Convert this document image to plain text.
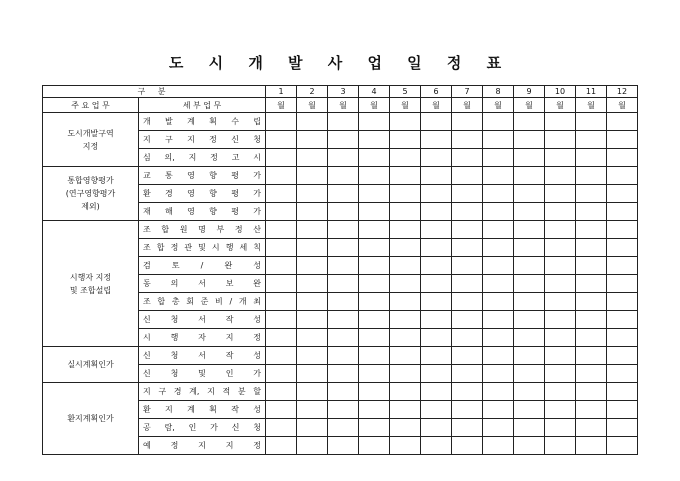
도 시 개 발 사 업 일 정 표
구 분		1	2	3	4	5	6	7	8	9	10	11	12
주 요 업 무	세 부 업 무	월	월	월	월	월	월	월	월	월	월	월	월

도시개발구역
지정	개 발 계 획 수 립												
	지 구 지 정 신 청												
	심 의, 지 정 고 시												

통합영향평가
(연구영향평가
제외)	교 통 영 향 평 가												
	환 경 영 향 평 가												
	재 해 영 향 평 가												

시행자 지정
및 조합설립	조 합 원 명 부 정 산												
	조 합 정 관 및 시 행 세 칙												
	검 토 / 완 성												
	동 의 서 보 완												
	조 합 총 회 준 비 / 개 최												
	신 청 서 작 성												
	시 행 자 지 정												

실시계획인가	신 청 서 작 성												
	신 청 및 인 가												

환지계획인가	지 구 경 계, 지 적 분 할												
	환 지 계 획 작 성												
	공 람, 인 가 신 청												
	예 정 지 지 정												
